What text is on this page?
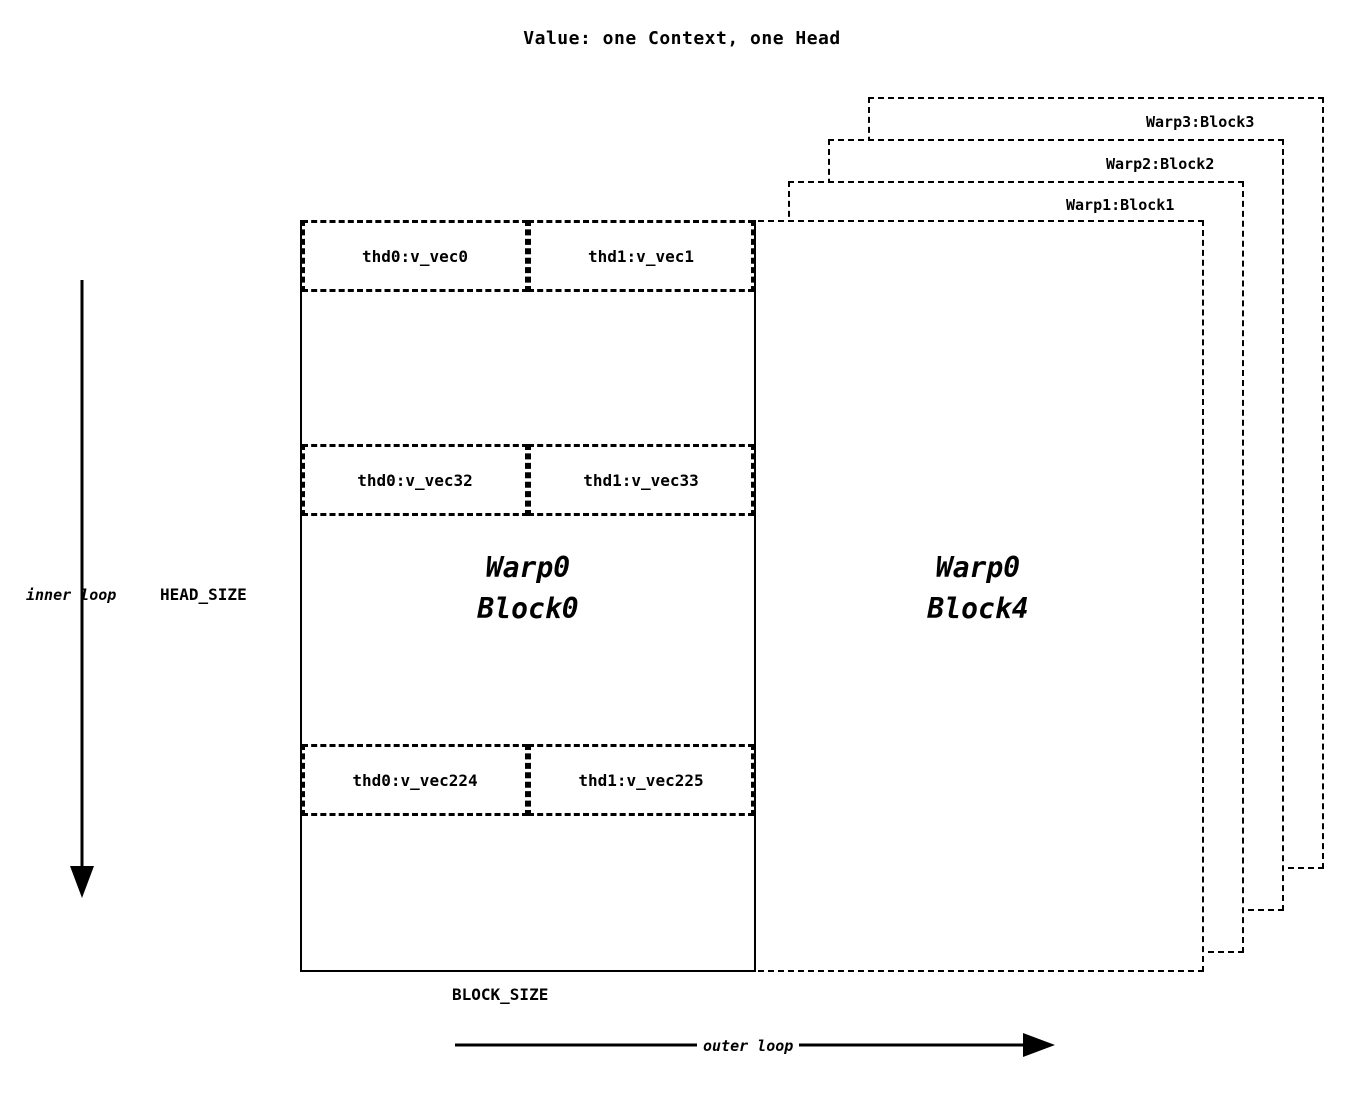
Value: one Context, one Head
Warp3:Block3
Warp2:Block2
Warp1:Block1
Warp0
Block4
thd0:v_vec0	thd1:v_vec1
thd0:v_vec32	thd1:v_vec33
thd0:v_vec224	thd1:v_vec225
Warp0
Block0
inner loop	HEAD_SIZE
BLOCK_SIZE
outer loop
